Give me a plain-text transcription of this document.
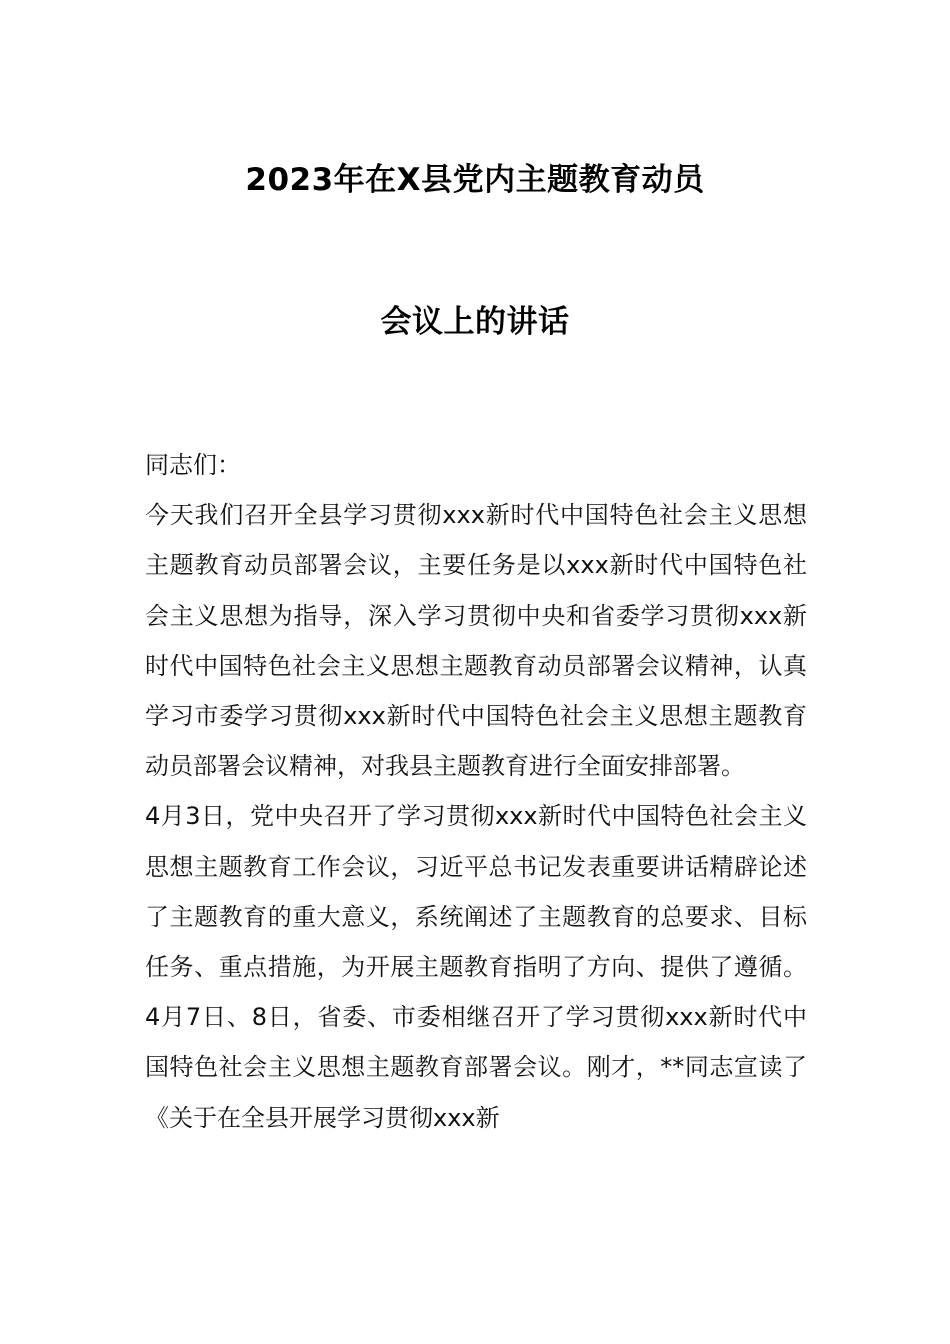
2023年在X县党内主题教育动员
会议上的讲话

同志们：

今天我们召开全县学习贯彻xxx新时代中国特色社会主义思想主题教育动员部署会议，主要任务是以xxx新时代中国特色社会主义思想为指导，深入学习贯彻中央和省委学习贯彻xxx新时代中国特色社会主义思想主题教育动员部署会议精神，认真学习市委学习贯彻xxx新时代中国特色社会主义思想主题教育动员部署会议精神，对我县主题教育进行全面安排部署。

4月3日，党中央召开了学习贯彻xxx新时代中国特色社会主义思想主题教育工作会议，习近平总书记发表重要讲话精辟论述了主题教育的重大意义，系统阐述了主题教育的总要求、目标任务、重点措施，为开展主题教育指明了方向、提供了遵循。4月7日、8日，省委、市委相继召开了学习贯彻xxx新时代中国特色社会主义思想主题教育部署会议。刚才，**同志宣读了《关于在全县开展学习贯彻xxx新
